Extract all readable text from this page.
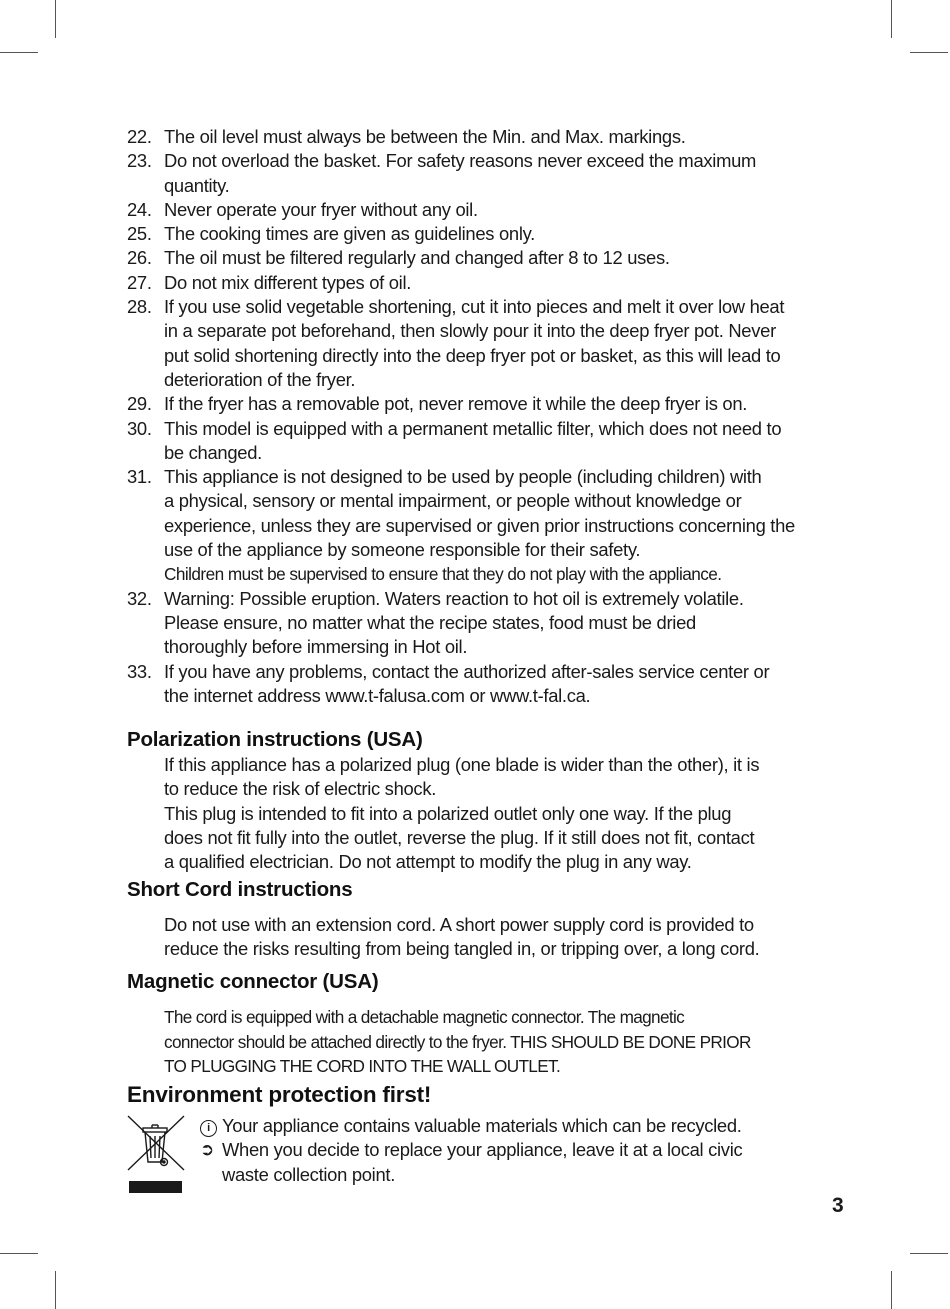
22. The oil level must always be between the Min. and Max. markings.
23. Do not overload the basket. For safety reasons never exceed the maximum
quantity.
24. Never operate your fryer without any oil.
25. The cooking times are given as guidelines only.
26. The oil must be filtered regularly and changed after 8 to 12 uses.
27. Do not mix different types of oil.
28. If you use solid vegetable shortening, cut it into pieces and melt it over low heat
in a separate pot beforehand, then slowly pour it into the deep fryer pot. Never
put solid shortening directly into the deep fryer pot or basket, as this will lead to
deterioration of the fryer.
29. If the fryer has a removable pot, never remove it while the deep fryer is on.
30. This model is equipped with a permanent metallic filter, which does not need to
be changed.
31. This appliance is not designed to be used by people (including children) with
a physical, sensory or mental impairment, or people without knowledge or
experience, unless they are supervised or given prior instructions concerning the
use of the appliance by someone responsible for their safety.
Children must be supervised to ensure that they do not play with the appliance.
32. Warning: Possible eruption. Waters reaction to hot oil is extremely volatile.
Please ensure, no matter what the recipe states, food must be dried
thoroughly before immersing in Hot oil.
33. If you have any problems, contact the authorized after-sales service center or
the internet address www.t-falusa.com or www.t-fal.ca.
Polarization instructions (USA)
If this appliance has a polarized plug (one blade is wider than the other), it is
to reduce the risk of electric shock.
This plug is intended to fit into a polarized outlet only one way. If the plug
does not fit fully into the outlet, reverse the plug. If it still does not fit, contact
a qualified electrician. Do not attempt to modify the plug in any way.
Short Cord instructions
Do not use with an extension cord. A short power supply cord is provided to
reduce the risks resulting from being tangled in, or tripping over, a long cord.
Magnetic connector (USA)
The cord is equipped with a detachable magnetic connector. The magnetic
connector should be attached directly to the fryer. THIS SHOULD BE DONE PRIOR
TO PLUGGING THE CORD INTO THE WALL OUTLET.
Environment protection first!
i Your appliance contains valuable materials which can be recycled.
➲ When you decide to replace your appliance, leave it at a local civic
waste collection point.
3
